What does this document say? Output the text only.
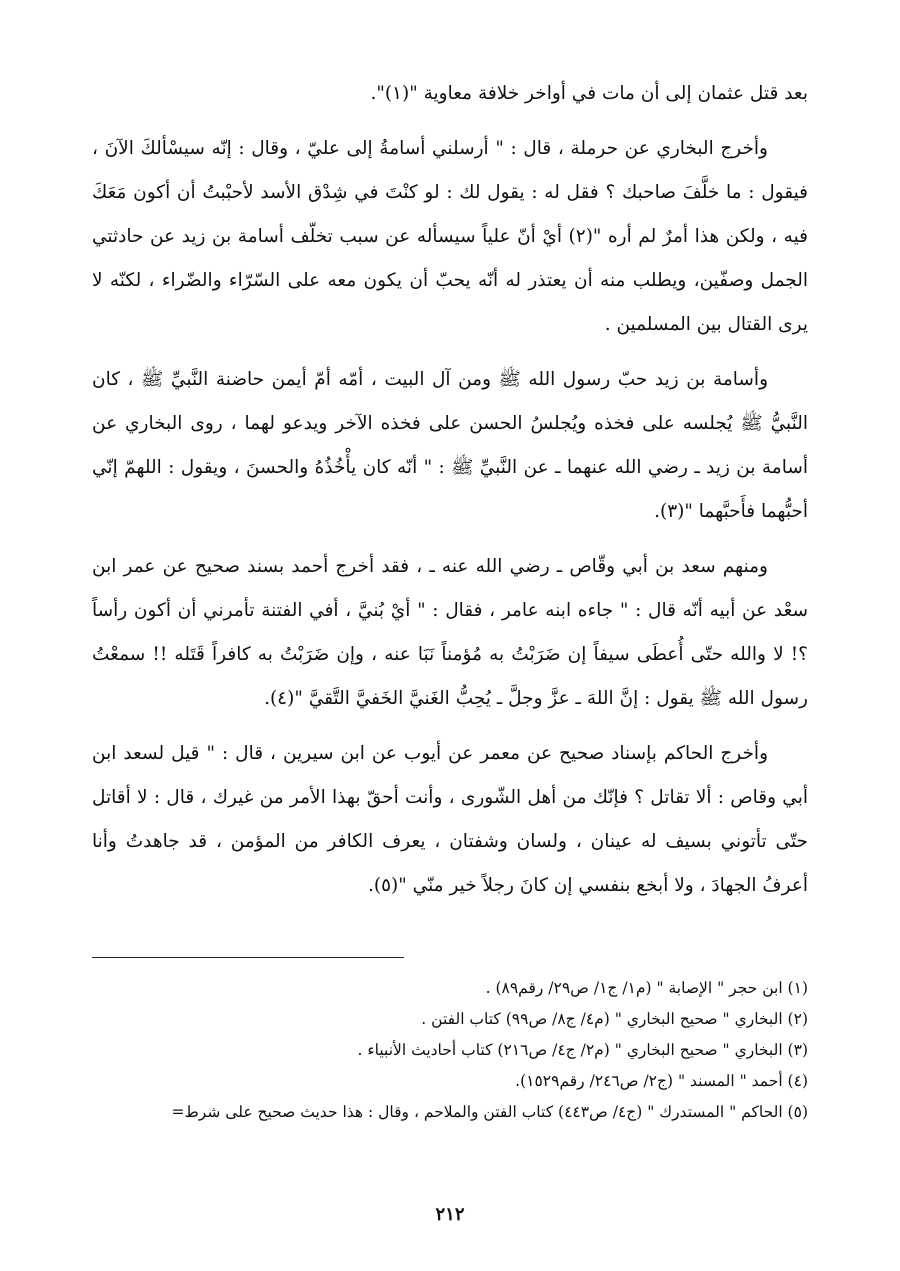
بعد قتل عثمان إلى أن مات في أواخر خلافة معاوية "(١)".

وأخرج البخاري عن حرملة ، قال : " أرسلني أسامةُ إلى عليّ ، وقال : إنّه سيسْألكَ الآنَ ، فيقول : ما خلَّفَ صاحبك ؟ فقل له : يقول لك : لو كنْتَ في شِدْق الأسد لأحبْبتُ أن أكون مَعَكَ فيه ، ولكن هذا أمرٌ لم أره "(٢) أيْ أنّ علياً سيسأله عن سبب تخلّف أسامة بن زيد عن حادثتي الجمل وصفّين، ويطلب منه أن يعتذر له أنّه يحبّ أن يكون معه على السّرّاء والضّراء ، لكنّه لا يرى القتال بين المسلمين .

وأسامة بن زيد حبّ رسول الله ﷺ ومن آل البيت ، أمّه أمّ أيمن حاضنة النَّبيِّ ﷺ ، كان النَّبيُّ ﷺ يُجلسه على فخذه ويُجلسُ الحسن على فخذه الآخر ويدعو لهما ، روى البخاري عن أسامة بن زيد ـ رضي الله عنهما ـ عن النَّبيِّ ﷺ : " أنّه كان يأْخُذُهُ والحسنَ ، ويقول : اللهمّ إنّي أحبُّهما فأَحبَّهما "(٣).

ومنهم سعد بن أبي وقّاص ـ رضي الله عنه ـ ، فقد أخرج أحمد بسند صحيح عن عمر ابن سعْد عن أبيه أنّه قال : " جاءه ابنه عامر ، فقال : " أيْ بُنيَّ ، أفي الفتنة تأمرني أن أكون رأساً ؟! لا والله حتّى أُعطَى سيفاً إن ضَرَبْتُ به مُؤمناً نَبَا عنه ، وإن ضَرَبْتُ به كافراً قَتَله !! سمعْتُ رسول الله ﷺ يقول : إنَّ اللهَ ـ عزَّ وجلَّ ـ يُحِبُّ الغَنيَّ الخَفيَّ التَّقيَّ "(٤).

وأخرج الحاكم بإسناد صحيح عن معمر عن أيوب عن ابن سيرين ، قال : " قيل لسعد ابن أبي وقاص : ألا تقاتل ؟ فإنّك من أهل الشّورى ، وأنت أحقّ بهذا الأمر من غيرك ، قال : لا أقاتل حتّى تأتوني بسيف له عينان ، ولسان وشفتان ، يعرف الكافر من المؤمن ، قد جاهدتُ وأنا أعرفُ الجهادَ ، ولا أبخع بنفسي إن كانَ رجلاً خير منّي "(٥).

(١) ابن حجر " الإصابة " (م١/ ج١/ ص٢٩/ رقم٨٩) .
(٢) البخاري " صحيح البخاري " (م٤/ ج٨/ ص٩٩) كتاب الفتن .
(٣) البخاري " صحيح البخاري " (م٢/ ج٤/ ص٢١٦) كتاب أحاديث الأنبياء .
(٤) أحمد " المسند " (ج٢/ ص٢٤٦/ رقم١٥٢٩).
(٥) الحاكم " المستدرك " (ج٤/ ص٤٤٣) كتاب الفتن والملاحم ، وقال : هذا حديث صحيح على شرط=
٢١٢
